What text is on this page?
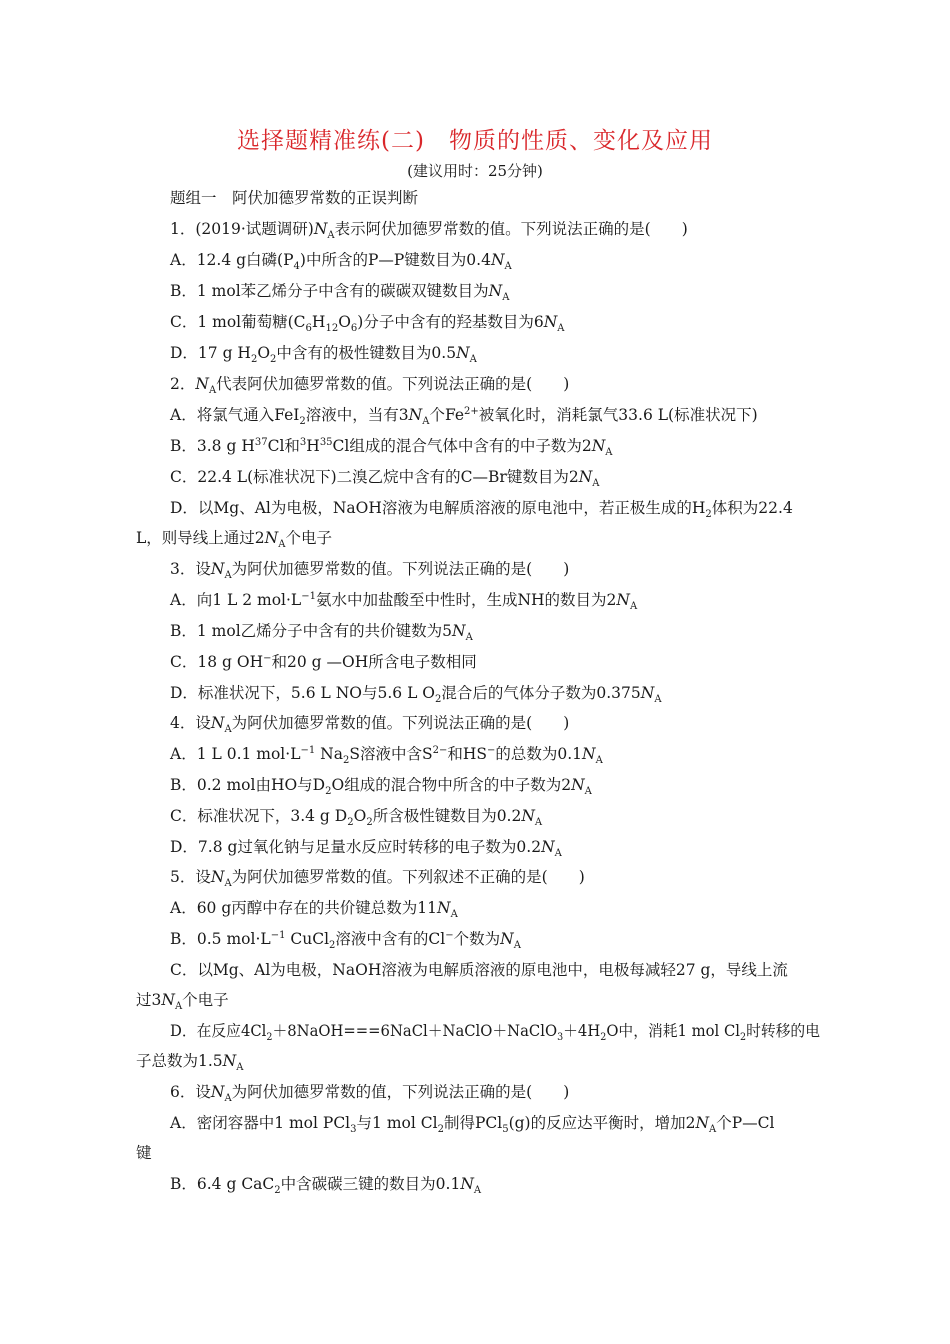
选择题精准练(二)　物质的性质、变化及应用
(建议用时：25分钟)
题组一　阿伏加德罗常数的正误判断
1．(2019·试题调研)$N_A$表示阿伏加德罗常数的值。下列说法正确的是(　　)
A．12.4 g白磷$(P_4)$中所含的P—P键数目为$0.4N_A$
B．1 mol苯乙烯分子中含有的碳碳双键数目为$N_A$
C．1 mol葡萄糖$(C_6H_{12}O_6)$分子中含有的羟基数目为$6N_A$
D．17 g $H_2O_2$中含有的极性键数目为$0.5N_A$
2．$N_A$代表阿伏加德罗常数的值。下列说法正确的是(　　)
A．将氯气通入FeI$_2$溶液中，当有$3N_A$个$Fe^{2+}$被氧化时，消耗氯气33.6 L(标准状况下)
B．3.8 g $H^{37}Cl$和$^3H^{35}Cl$组成的混合气体中含有的中子数为$2N_A$
C．22.4 L(标准状况下)二溴乙烷中含有的C—Br键数目为$2N_A$
D．以Mg、Al为电极，NaOH溶液为电解质溶液的原电池中，若正极生成的$H_2$体积为22.4
L，则导线上通过$2N_A$个电子
3．设$N_A$为阿伏加德罗常数的值。下列说法正确的是(　　)
A．向1 L 2 $mol\cdot L^{-1}$氨水中加盐酸至中性时，生成NH的数目为$2N_A$
B．1 mol乙烯分子中含有的共价键数为$5N_A$
C．18 g OH−和20 g —OH所含电子数相同
D．标准状况下，5.6 L NO与5.6 L $O_2$混合后的气体分子数为$0.375N_A$
4．设$N_A$为阿伏加德罗常数的值。下列说法正确的是(　　)
A．1 L 0.1 $mol\cdot L^{-1}$ $Na_2S$溶液中含$S^{2-}$和HS−的总数为$0.1N_A$
B．0.2 mol由HO与$D_2O$组成的混合物中所含的中子数为$2N_A$
C．标准状况下，3.4 g $D_2O_2$所含极性键数目为$0.2N_A$
D．7.8 g过氧化钠与足量水反应时转移的电子数为$0.2N_A$
5．设$N_A$为阿伏加德罗常数的值。下列叙述不正确的是(　　)
A．60 g丙醇中存在的共价键总数为$11N_A$
B．0.5 $mol\cdot L^{-1}$ CuCl$_2$溶液中含有的Cl−个数为$N_A$
C．以Mg、Al为电极，NaOH溶液为电解质溶液的原电池中，电极每减轻27 g，导线上流
过$3N_A$个电子
D．在反应$4Cl_2+8NaOH===6NaCl+NaClO+NaClO_3+4H_2O$中，消耗1 mol $Cl_2$时转移的电
子总数为$1.5N_A$
6．设$N_A$为阿伏加德罗常数的值，下列说法正确的是(　　)
A．密闭容器中1 mol PCl$_3$与1 mol $Cl_2$制得PCl$_5$(g)的反应达平衡时，增加$2N_A$个P—Cl
键
B．6.4 g CaC$_2$中含碳碳三键的数目为$0.1N_A$
